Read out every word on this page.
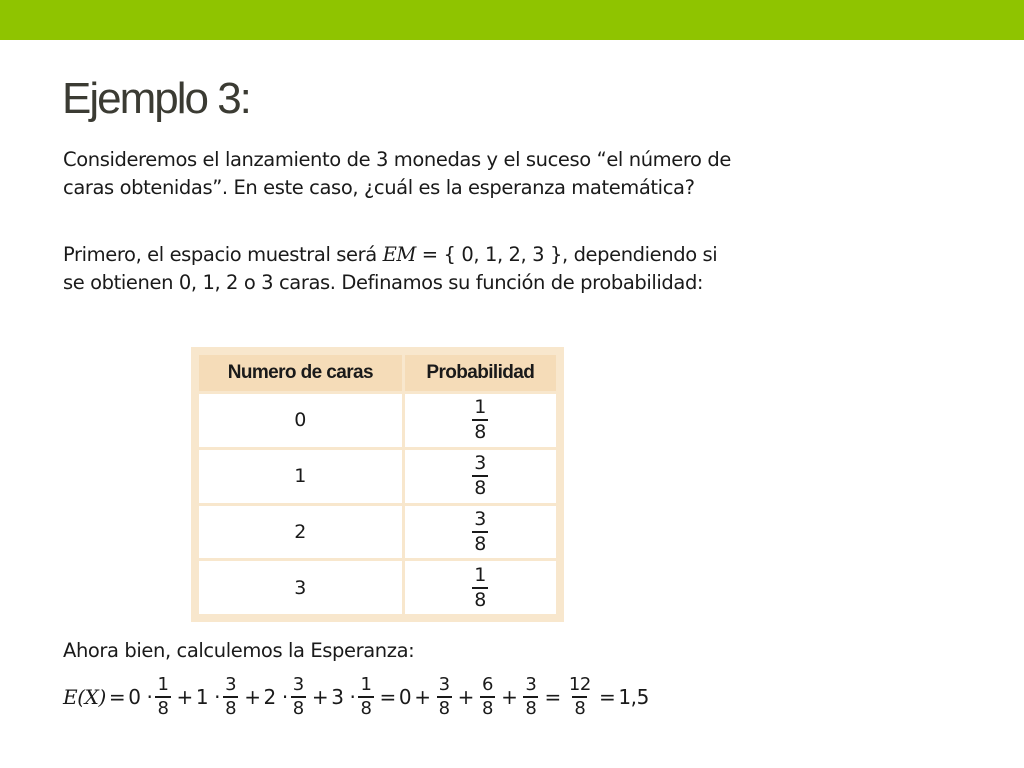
Ejemplo 3:

Consideremos el lanzamiento de 3 monedas y el suceso “el número de caras obtenidas”. En este caso, ¿cuál es la esperanza matemática?

Primero, el espacio muestral será EM = { 0, 1, 2, 3 }, dependiendo si se obtienen 0, 1, 2 o 3 caras. Definamos su función de probabilidad:

Numero de caras	Probabilidad
0	$\frac{1}{8}$

1	$\frac{3}{8}$

2	$\frac{3}{8}$

3	$\frac{1}{8}$

Ahora bien, calculemos la Esperanza:

$E(X) = 0 \cdot \frac{1}{8} + 1 \cdot \frac{3}{8} + 2 \cdot \frac{3}{8} + 3 \cdot \frac{1}{8} = 0 + \frac{3}{8} + \frac{6}{8} + \frac{3}{8} = \frac{12}{8} = 1,5$
